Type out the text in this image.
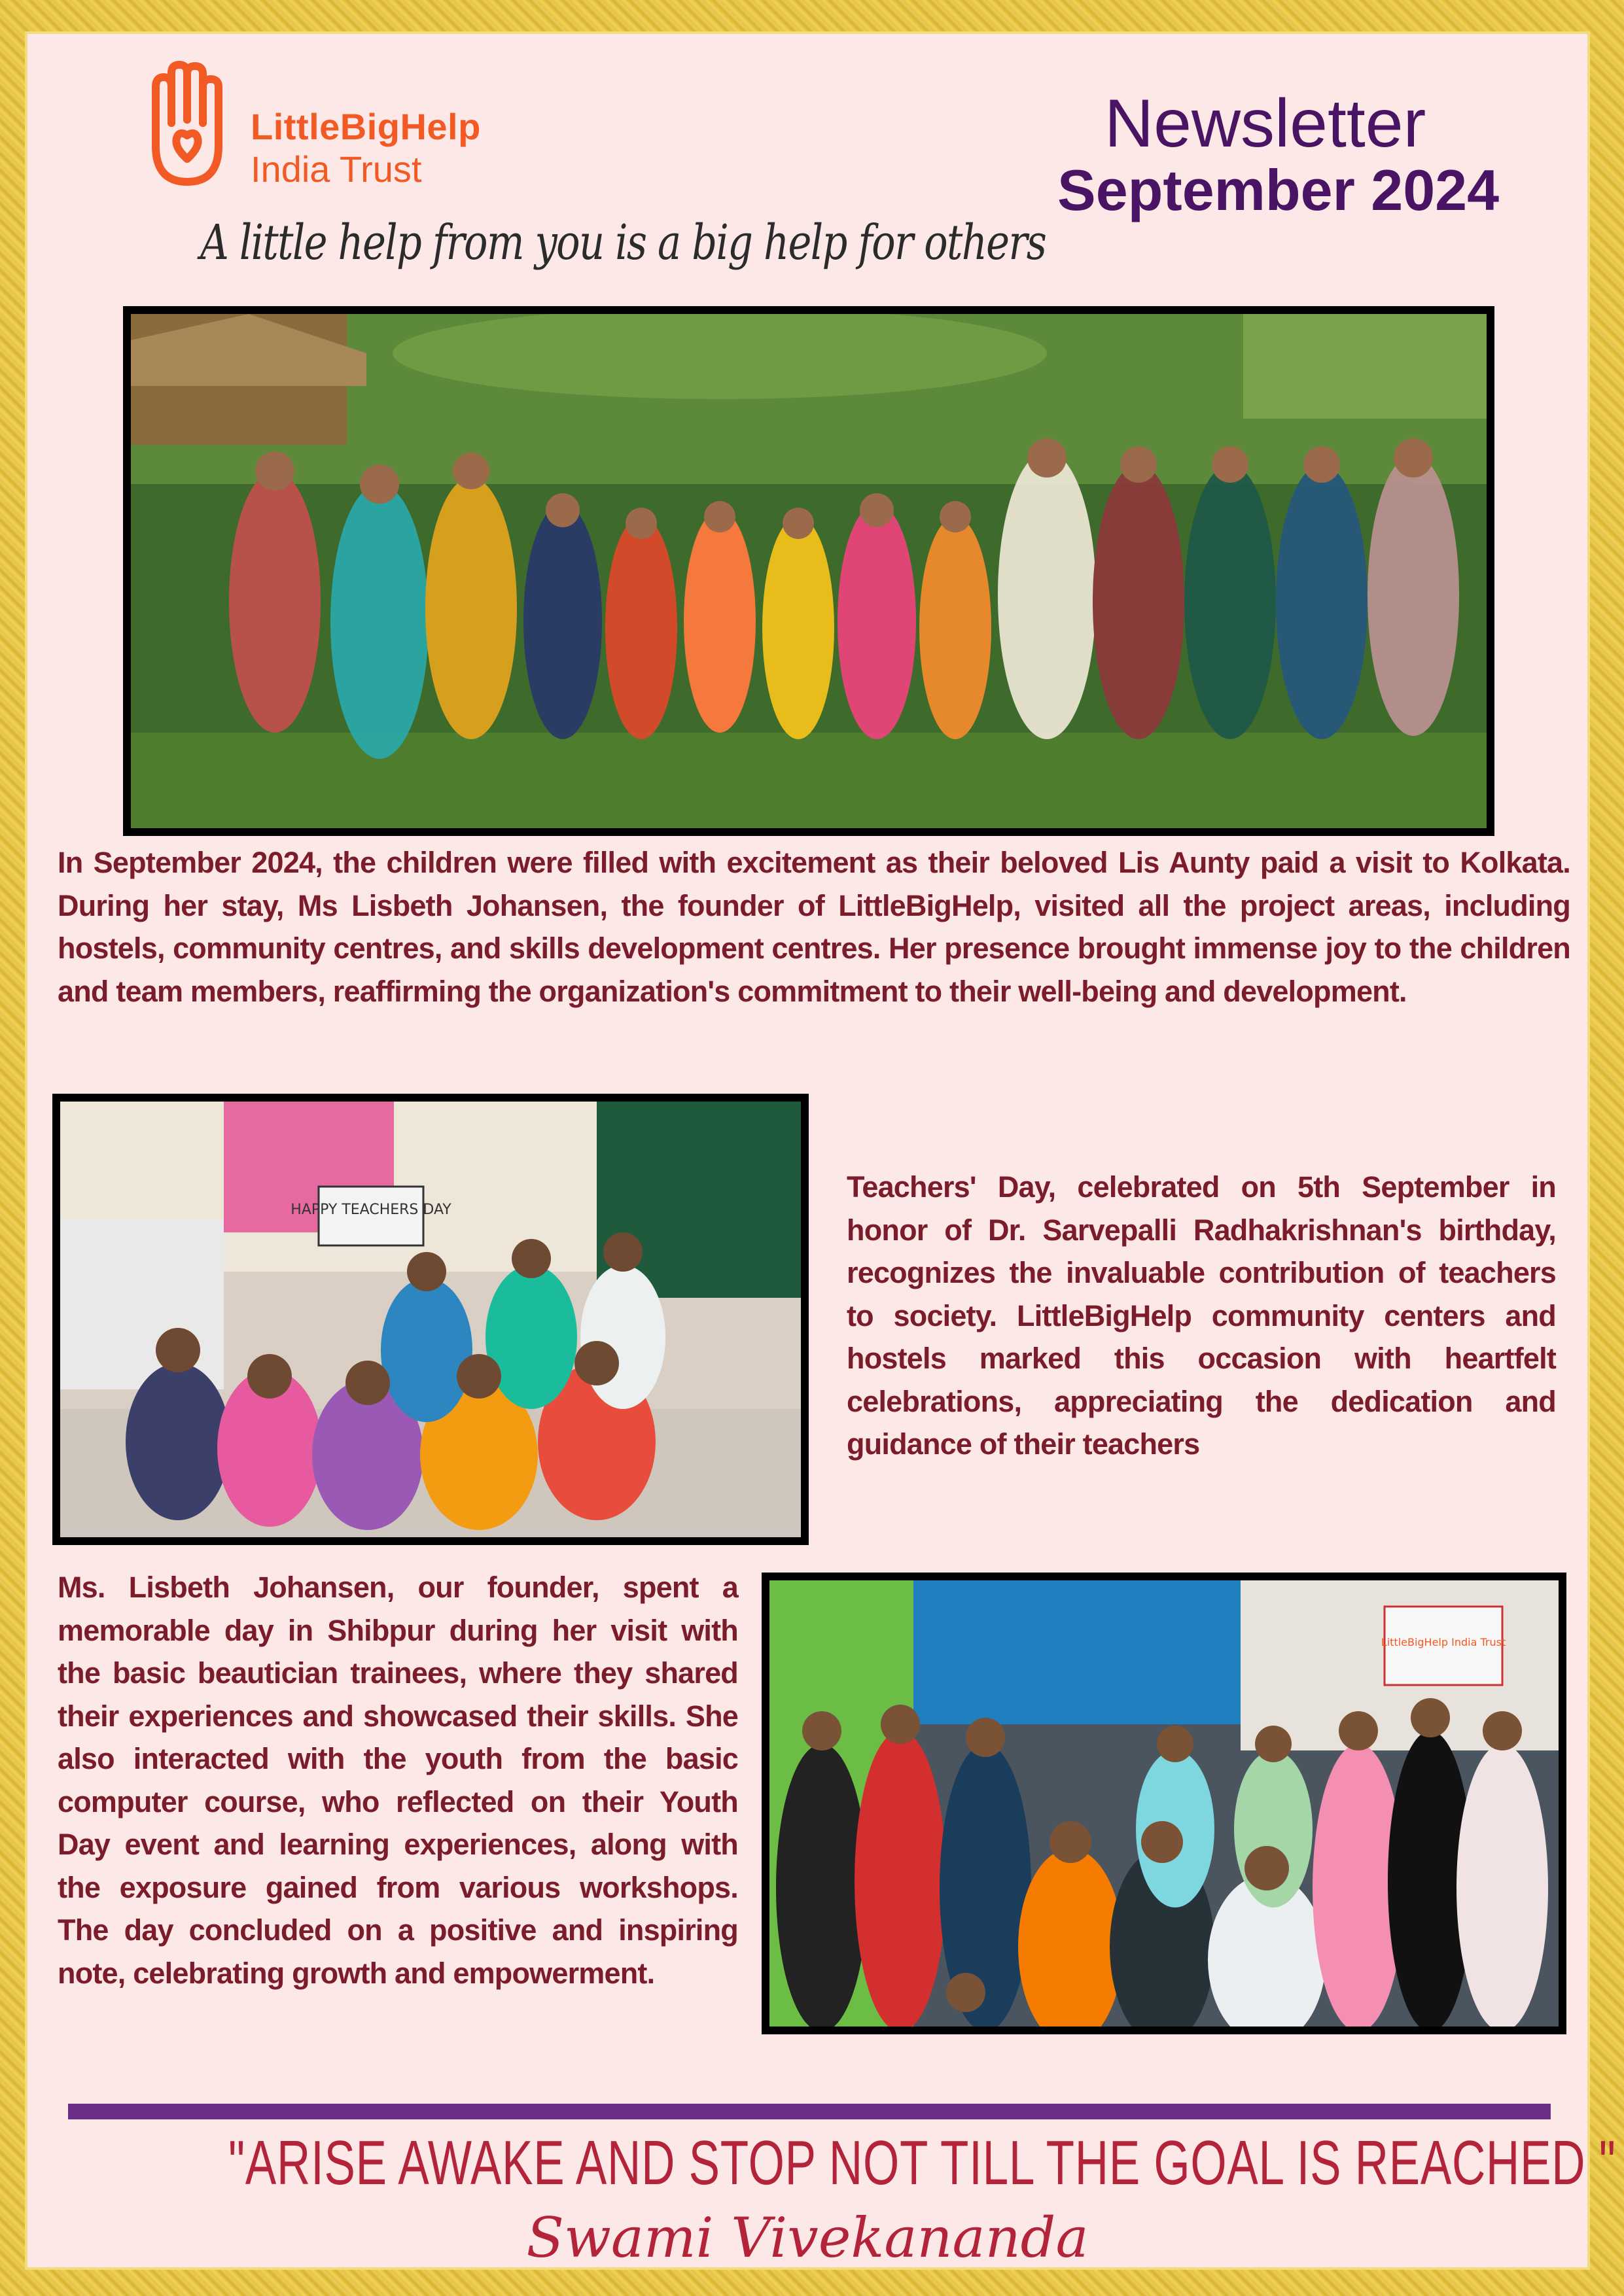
LittleBigHelp
India Trust
A little help from you is a big help for others
Newsletter
September 2024

In September 2024, the children were filled with excitement as their beloved Lis Aunty paid a visit to Kolkata. During her stay, Ms Lisbeth Johansen, the founder of LittleBigHelp, visited all the project areas, including hostels, community centres, and skills development centres. Her presence brought immense joy to the children and team members, reaffirming the organization's commitment to their well-being and development.

HAPPY TEACHERS DAY

Teachers' Day, celebrated on 5th September in honor of Dr. Sarvepalli Radhakrishnan's birthday, recognizes the invaluable contribution of teachers to society. LittleBigHelp community centers and hostels marked this occasion with heartfelt celebrations, appreciating the dedication and guidance of their teachers

Ms. Lisbeth Johansen, our founder, spent a memorable day in Shibpur during her visit with the basic beautician trainees, where they shared their experiences and showcased their skills. She also interacted with the youth from the basic computer course, who reflected on their Youth Day event and learning experiences, along with the exposure gained from various workshops. The day concluded on a positive and inspiring note, celebrating growth and empowerment.

LittleBigHelp India Trust
"ARISE AWAKE AND STOP NOT TILL THE GOAL IS REACHED "
Swami Vivekananda
